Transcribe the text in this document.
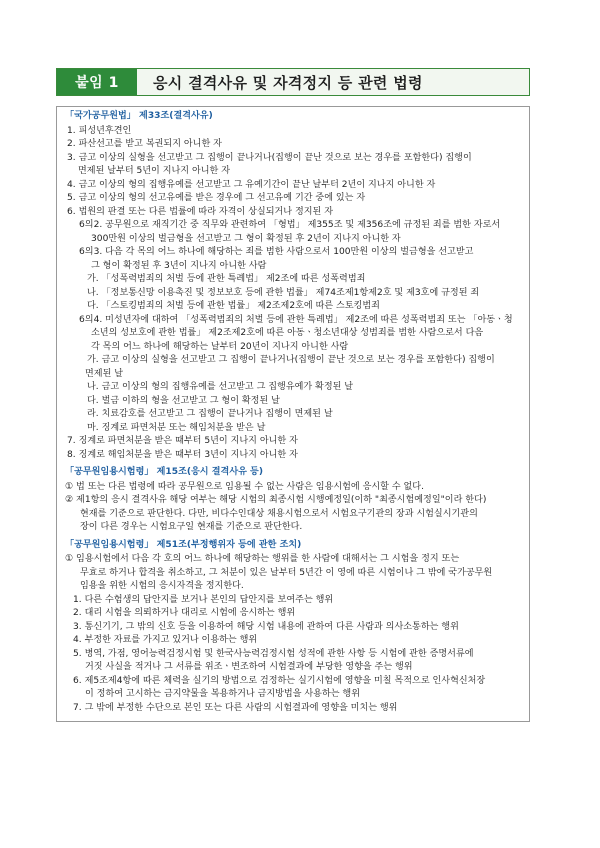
붙임 1	응시 결격사유 및 자격정지 등 관련 법령
「국가공무원법」 제33조(결격사유)
1. 피성년후견인
2. 파산선고를 받고 복권되지 아니한 자
3. 금고 이상의 실형을 선고받고 그 집행이 끝나거나(집행이 끝난 것으로 보는 경우를 포함한다) 집행이
면제된 날부터 5년이 지나지 아니한 자
4. 금고 이상의 형의 집행유예를 선고받고 그 유예기간이 끝난 날부터 2년이 지나지 아니한 자
5. 금고 이상의 형의 선고유예를 받은 경우에 그 선고유예 기간 중에 있는 자
6. 법원의 판결 또는 다른 법률에 따라 자격이 상실되거나 정지된 자
6의2. 공무원으로 재직기간 중 직무와 관련하여 「형법」 제355조 및 제356조에 규정된 죄를 범한 자로서
300만원 이상의 벌금형을 선고받고 그 형이 확정된 후 2년이 지나지 아니한 자
6의3. 다음 각 목의 어느 하나에 해당하는 죄를 범한 사람으로서 100만원 이상의 벌금형을 선고받고
그 형이 확정된 후 3년이 지나지 아니한 사람
가. 「성폭력범죄의 처벌 등에 관한 특례법」 제2조에 따른 성폭력범죄
나. 「정보통신망 이용촉진 및 정보보호 등에 관한 법률」 제74조제1항제2호 및 제3호에 규정된 죄
다. 「스토킹범죄의 처벌 등에 관한 법률」 제2조제2호에 따른 스토킹범죄
6의4. 미성년자에 대하여 「성폭력범죄의 처벌 등에 관한 특례법」 제2조에 따른 성폭력범죄 또는 「아동ㆍ청
소년의 성보호에 관한 법률」 제2조제2호에 따른 아동ㆍ청소년대상 성범죄를 범한 사람으로서 다음
각 목의 어느 하나에 해당하는 날부터 20년이 지나지 아니한 사람
가. 금고 이상의 실형을 선고받고 그 집행이 끝나거나(집행이 끝난 것으로 보는 경우를 포함한다) 집행이
면제된 날
나. 금고 이상의 형의 집행유예를 선고받고 그 집행유예가 확정된 날
다. 벌금 이하의 형을 선고받고 그 형이 확정된 날
라. 치료감호를 선고받고 그 집행이 끝나거나 집행이 면제된 날
마. 징계로 파면처분 또는 해임처분을 받은 날
7. 징계로 파면처분을 받은 때부터 5년이 지나지 아니한 자
8. 징계로 해임처분을 받은 때부터 3년이 지나지 아니한 자
「공무원임용시험령」 제15조(응시 결격사유 등)
① 법 또는 다른 법령에 따라 공무원으로 임용될 수 없는 사람은 임용시험에 응시할 수 없다.
② 제1항의 응시 결격사유 해당 여부는 해당 시험의 최종시험 시행예정일(이하 "최종시험예정일"이라 한다)
현재를 기준으로 판단한다. 다만, 비다수인대상 채용시험으로서 시험요구기관의 장과 시험실시기관의
장이 다른 경우는 시험요구일 현재를 기준으로 판단한다.
「공무원임용시험령」 제51조(부정행위자 등에 관한 조치)
① 임용시험에서 다음 각 호의 어느 하나에 해당하는 행위를 한 사람에 대해서는 그 시험을 정지 또는
무효로 하거나 합격을 취소하고, 그 처분이 있은 날부터 5년간 이 영에 따른 시험이나 그 밖에 국가공무원
임용을 위한 시험의 응시자격을 정지한다.
1. 다른 수험생의 답안지를 보거나 본인의 답안지를 보여주는 행위
2. 대리 시험을 의뢰하거나 대리로 시험에 응시하는 행위
3. 통신기기, 그 밖의 신호 등을 이용하여 해당 시험 내용에 관하여 다른 사람과 의사소통하는 행위
4. 부정한 자료를 가지고 있거나 이용하는 행위
5. 병역, 가점, 영어능력검정시험 및 한국사능력검정시험 성적에 관한 사항 등 시험에 관한 증명서류에
거짓 사실을 적거나 그 서류를 위조ㆍ변조하여 시험결과에 부당한 영향을 주는 행위
6. 제5조제4항에 따른 체력을 실기의 방법으로 검정하는 실기시험에 영향을 미칠 목적으로 인사혁신처장
이 정하여 고시하는 금지약물을 복용하거나 금지방법을 사용하는 행위
7. 그 밖에 부정한 수단으로 본인 또는 다른 사람의 시험결과에 영향을 미치는 행위
